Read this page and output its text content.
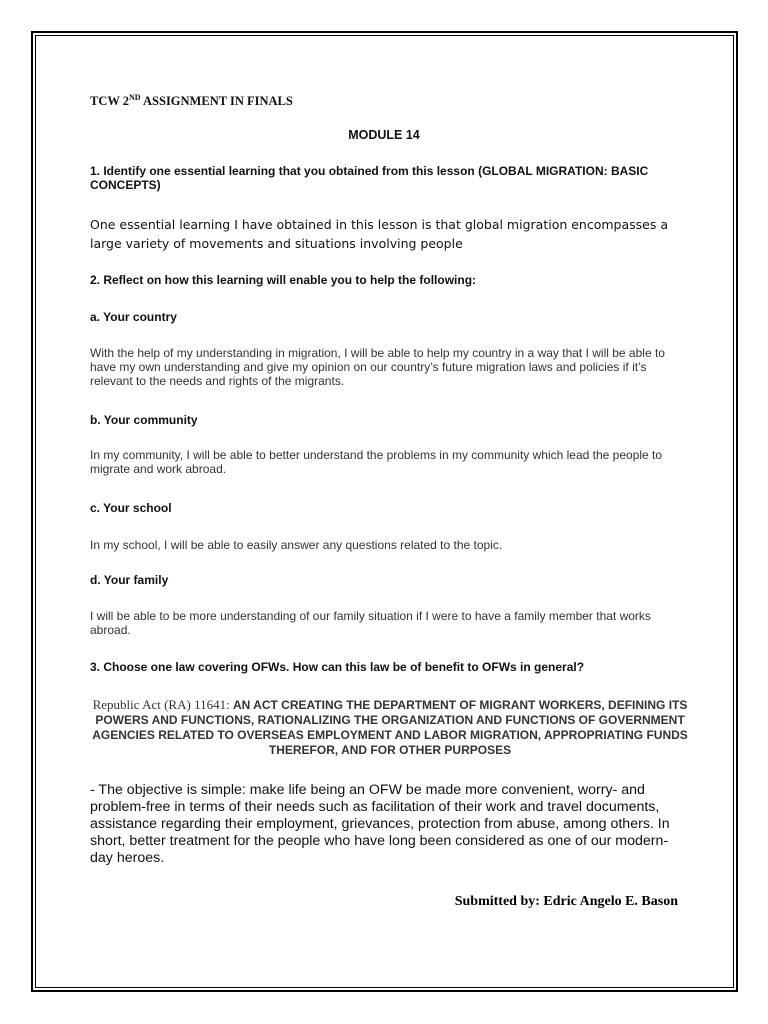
TCW 2ND ASSIGNMENT IN FINALS
MODULE 14
1. Identify one essential learning that you obtained from this lesson (GLOBAL MIGRATION: BASIC CONCEPTS)
One essential learning I have obtained in this lesson is that global migration encompasses a large variety of movements and situations involving people
2. Reflect on how this learning will enable you to help the following:
a. Your country
With the help of my understanding in migration, I will be able to help my country in a way that I will be able to have my own understanding and give my opinion on our country’s future migration laws and policies if it’s relevant to the needs and rights of the migrants.
b. Your community
In my community, I will be able to better understand the problems in my community which lead the people to migrate and work abroad.
c. Your school
In my school, I will be able to easily answer any questions related to the topic.
d. Your family
I will be able to be more understanding of our family situation if I were to have a family member that works abroad.
3. Choose one law covering OFWs. How can this law be of benefit to OFWs in general?
Republic Act (RA) 11641: AN ACT CREATING THE DEPARTMENT OF MIGRANT WORKERS, DEFINING ITS POWERS AND FUNCTIONS, RATIONALIZING THE ORGANIZATION AND FUNCTIONS OF GOVERNMENT AGENCIES RELATED TO OVERSEAS EMPLOYMENT AND LABOR MIGRATION, APPROPRIATING FUNDS THEREFOR, AND FOR OTHER PURPOSES
- The objective is simple: make life being an OFW be made more convenient, worry- and problem-free in terms of their needs such as facilitation of their work and travel documents, assistance regarding their employment, grievances, protection from abuse, among others. In short, better treatment for the people who have long been considered as one of our modern-day heroes.
Submitted by: Edric Angelo E. Bason
